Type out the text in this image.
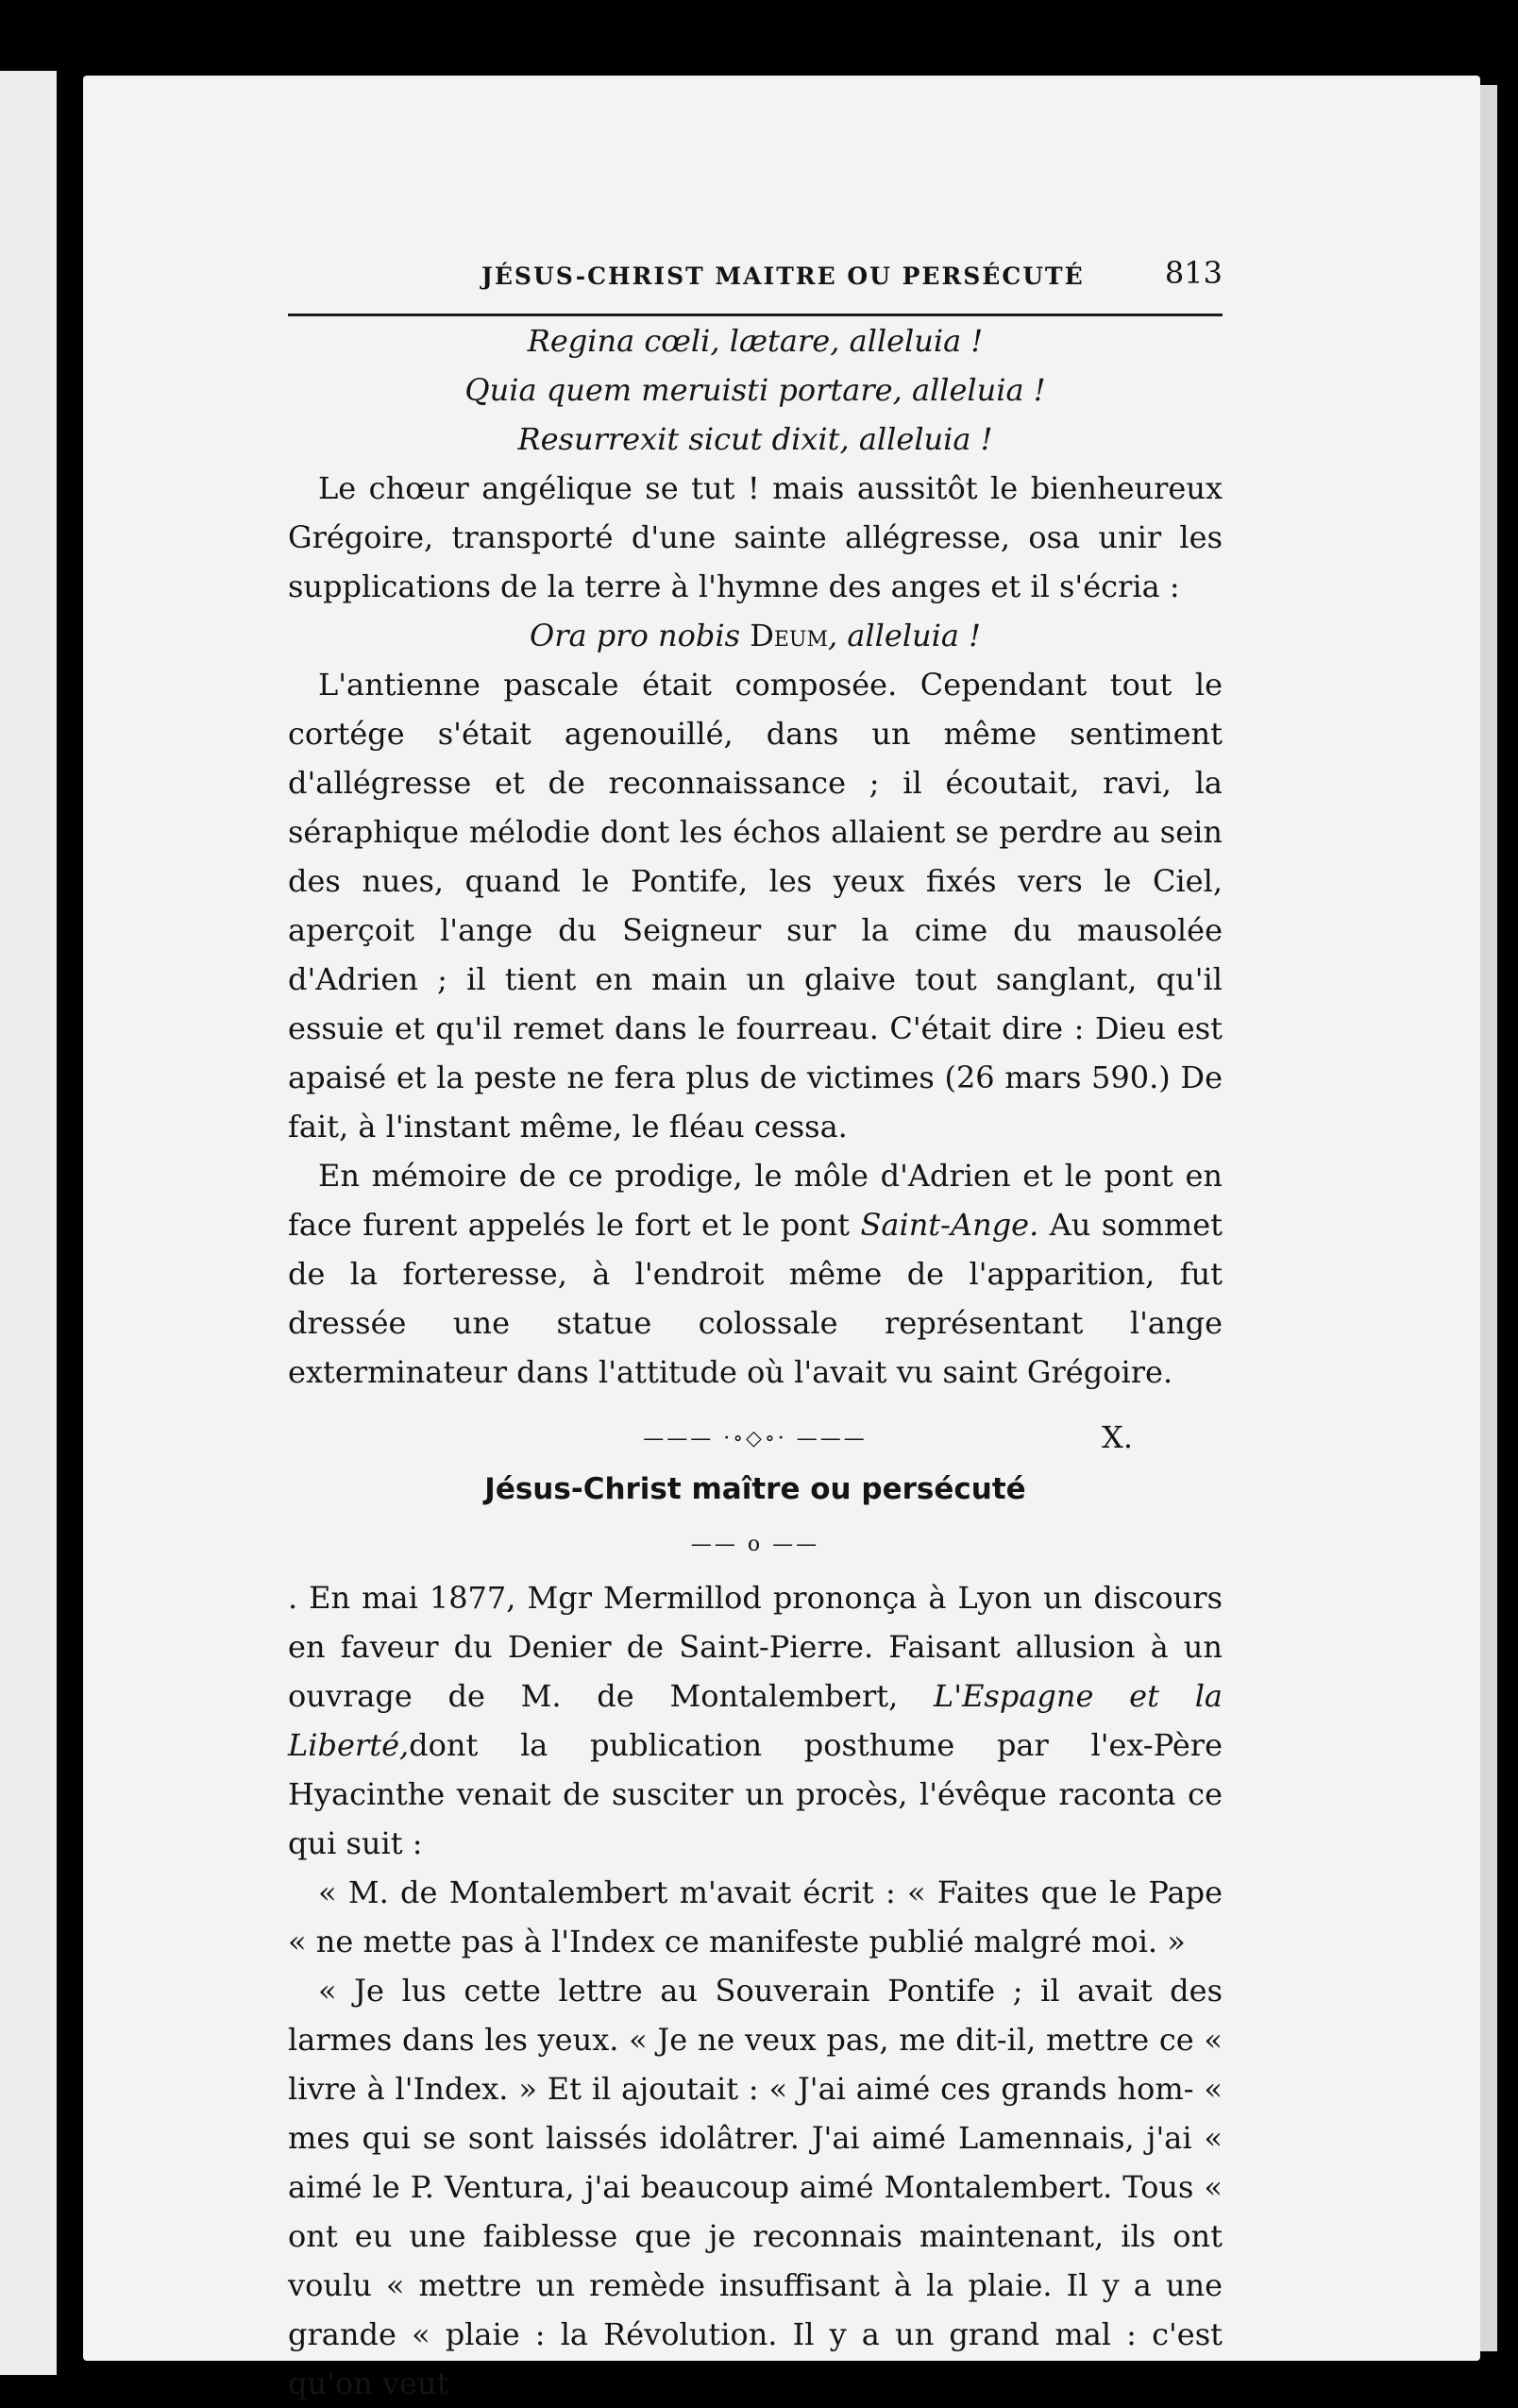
JÉSUS-CHRIST MAITRE OU PERSÉCUTÉ	813
Regina cœli, lætare, alleluia !
Quia quem meruisti portare, alleluia !
Resurrexit sicut dixit, alleluia !

Le chœur angélique se tut ! mais aussitôt le bienheureux Grégoire, transporté d'une sainte allégresse, osa unir les supplications de la terre à l'hymne des anges et il s'écria :

Ora pro nobis Deum, alleluia !

L'antienne pascale était composée. Cependant tout le cortége s'était agenouillé, dans un même sentiment d'allégresse et de reconnaissance ; il écoutait, ravi, la séraphique mélodie dont les échos allaient se perdre au sein des nues, quand le Pontife, les yeux fixés vers le Ciel, aperçoit l'ange du Seigneur sur la cime du mausolée d'Adrien ; il tient en main un glaive tout sanglant, qu'il essuie et qu'il remet dans le fourreau. C'était dire : Dieu est apaisé et la peste ne fera plus de victimes (26 mars 590.) De fait, à l'instant même, le fléau cessa.

En mémoire de ce prodige, le môle d'Adrien et le pont en face furent appelés le fort et le pont Saint-Ange. Au sommet de la forteresse, à l'endroit même de l'apparition, fut dressée une statue colossale représentant l'ange exterminateur dans l'attitude où l'avait vu saint Grégoire.

——— ·∘◇∘· ———	X.
Jésus-Christ maître ou persécuté
—— o ——

. En mai 1877, Mgr Mermillod prononça à Lyon un discours en faveur du Denier de Saint-Pierre. Faisant allusion à un ouvrage de M. de Montalembert, L'Espagne et la Liberté,dont la publication posthume par l'ex-Père Hyacinthe venait de susciter un procès, l'évêque raconta ce qui suit :

« M. de Montalembert m'avait écrit : « Faites que le Pape « ne mette pas à l'Index ce manifeste publié malgré moi. »

« Je lus cette lettre au Souverain Pontife ; il avait des larmes dans les yeux. « Je ne veux pas, me dit-il, mettre ce « livre à l'Index. » Et il ajoutait : « J'ai aimé ces grands hom- « mes qui se sont laissés idolâtrer. J'ai aimé Lamennais, j'ai « aimé le P. Ventura, j'ai beaucoup aimé Montalembert. Tous « ont eu une faiblesse que je reconnais maintenant, ils ont voulu « mettre un remède insuffisant à la plaie. Il y a une grande « plaie : la Révolution. Il y a un grand mal : c'est qu'on veut
